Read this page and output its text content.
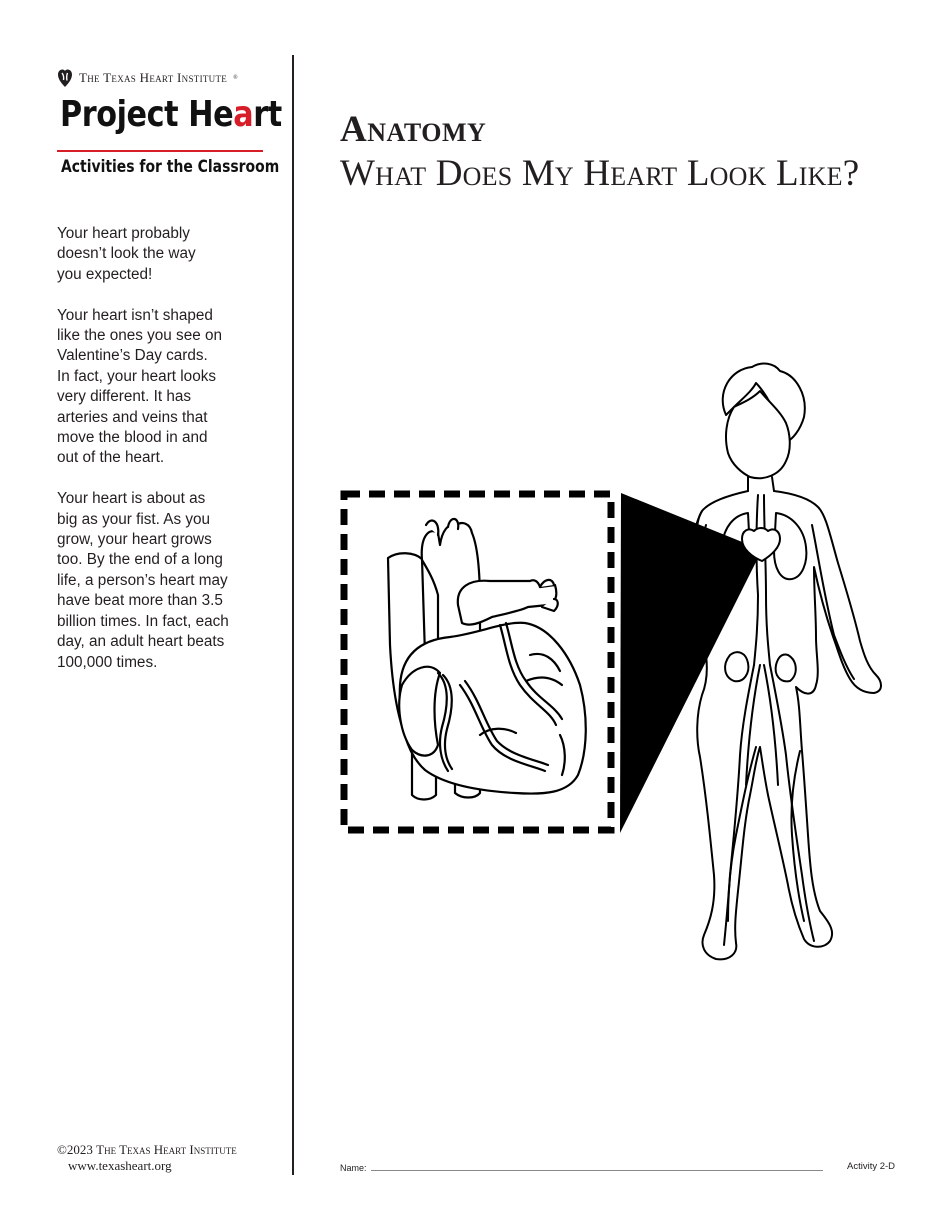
The Texas Heart Institute ®
Project Heart
Activities for the Classroom

Your heart probably
doesn’t look the way
you expected!

Your heart isn’t shaped
like the ones you see on
Valentine’s Day cards.
In fact, your heart looks
very different. It has
arteries and veins that
move the blood in and
out of the heart.

Your heart is about as
big as your fist. As you
grow, your heart grows
too. By the end of a long
life, a person’s heart may
have beat more than 3.5
billion times. In fact, each
day, an adult heart beats
100,000 times.

©2023 The Texas Heart Institute
www.texasheart.org
Anatomy
What Does My Heart Look Like?
Name:	Activity 2-D
